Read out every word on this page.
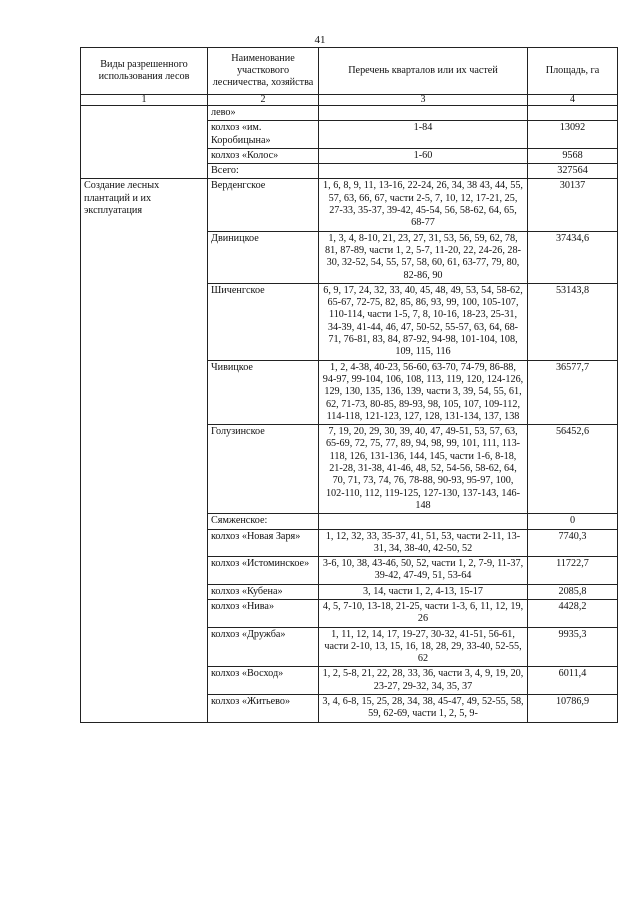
41
Виды разрешенного использования лесов	Наименование участкового лесничества, хозяйства	Перечень кварталов или их частей	Площадь, га
1	2	3	4
	лево»		
	колхоз «им. Коробицына»	1-84	13092
	колхоз «Колос»	1-60	9568
	Всего:		327564
Создание лесных плантаций и их эксплуатация	Верденгское	1, 6, 8, 9, 11, 13-16, 22-24, 26, 34, 38 43, 44, 55, 57, 63, 66, 67, части 2-5, 7, 10, 12, 17-21, 25, 27-33, 35-37, 39-42, 45-54, 56, 58-62, 64, 65, 68-77	30137
	Двиницкое	1, 3, 4, 8-10, 21, 23, 27, 31, 53, 56, 59, 62, 78, 81, 87-89, части 1, 2, 5-7, 11-20, 22, 24-26, 28-30, 32-52, 54, 55, 57, 58, 60, 61, 63-77, 79, 80, 82-86, 90	37434,6
	Шиченгское	6, 9, 17, 24, 32, 33, 40, 45, 48, 49, 53, 54, 58-62, 65-67, 72-75, 82, 85, 86, 93, 99, 100, 105-107, 110-114, части 1-5, 7, 8, 10-16, 18-23, 25-31, 34-39, 41-44, 46, 47, 50-52, 55-57, 63, 64, 68-71, 76-81, 83, 84, 87-92, 94-98, 101-104, 108, 109, 115, 116	53143,8
	Чивицкое	1, 2, 4-38, 40-23, 56-60, 63-70, 74-79, 86-88, 94-97, 99-104, 106, 108, 113, 119, 120, 124-126, 129, 130, 135, 136, 139, части 3, 39, 54, 55, 61, 62, 71-73, 80-85, 89-93, 98, 105, 107, 109-112, 114-118, 121-123, 127, 128, 131-134, 137, 138	36577,7
	Голузинское	7, 19, 20, 29, 30, 39, 40, 47, 49-51, 53, 57, 63, 65-69, 72, 75, 77, 89, 94, 98, 99, 101, 111, 113-118, 126, 131-136, 144, 145, части 1-6, 8-18, 21-28, 31-38, 41-46, 48, 52, 54-56, 58-62, 64, 70, 71, 73, 74, 76, 78-88, 90-93, 95-97, 100, 102-110, 112, 119-125, 127-130, 137-143, 146-148	56452,6
	Сямженское:		0
	колхоз «Новая Заря»	1, 12, 32, 33, 35-37, 41, 51, 53, части 2-11, 13-31, 34, 38-40, 42-50, 52	7740,3
	колхоз «Истоминское»	3-6, 10, 38, 43-46, 50, 52, части 1, 2, 7-9, 11-37, 39-42, 47-49, 51, 53-64	11722,7
	колхоз «Кубена»	3, 14, части 1, 2, 4-13, 15-17	2085,8
	колхоз «Нива»	4, 5, 7-10, 13-18, 21-25, части 1-3, 6, 11, 12, 19, 26	4428,2
	колхоз «Дружба»	1, 11, 12, 14, 17, 19-27, 30-32, 41-51, 56-61, части 2-10, 13, 15, 16, 18, 28, 29, 33-40, 52-55, 62	9935,3
	колхоз «Восход»	1, 2, 5-8, 21, 22, 28, 33, 36, части 3, 4, 9, 19, 20, 23-27, 29-32, 34, 35, 37	6011,4
	колхоз «Житьево»	3, 4, 6-8, 15, 25, 28, 34, 38, 45-47, 49, 52-55, 58, 59, 62-69, части 1, 2, 5, 9-	10786,9
